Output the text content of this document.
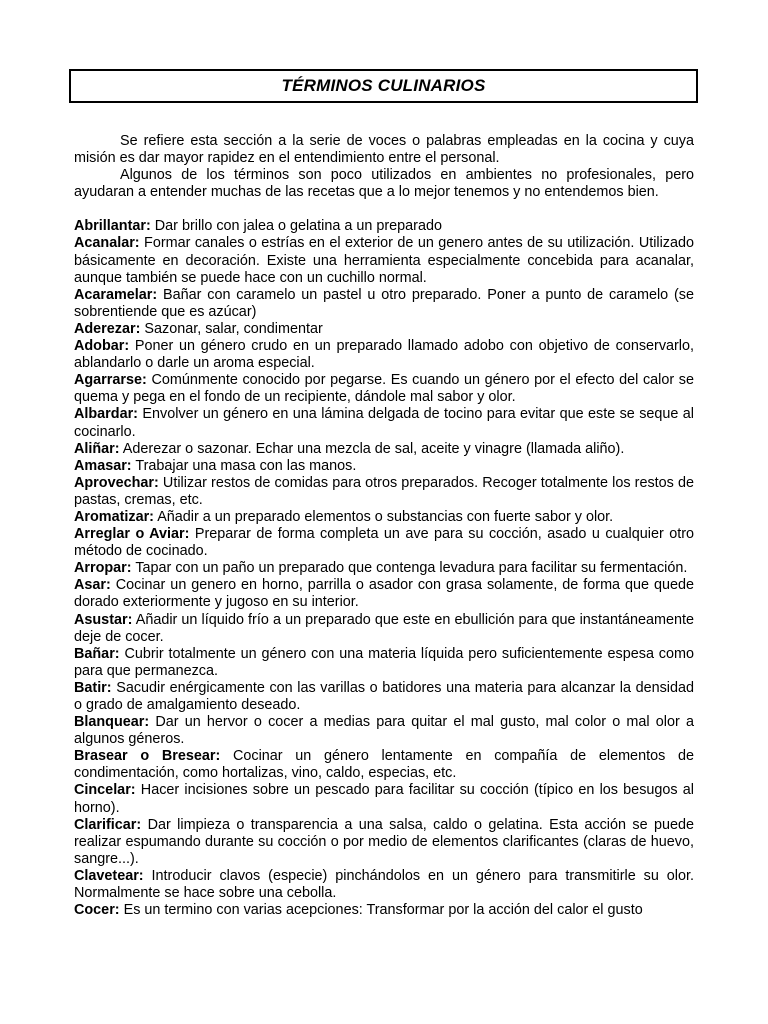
TÉRMINOS CULINARIOS

Se refiere esta sección a la serie de voces o palabras empleadas en la cocina y cuya misión es dar mayor rapidez en el entendimiento entre el personal.

Algunos de los términos son poco utilizados en ambientes no profesionales, pero ayudaran a entender muchas de las recetas que a lo mejor tenemos y no entendemos bien.

Abrillantar: Dar brillo con jalea o gelatina a un preparado

Acanalar: Formar canales o estrías en el exterior de un genero antes de su utilización. Utilizado básicamente en decoración. Existe una herramienta especialmente concebida para acanalar, aunque también se puede hace con un cuchillo normal.

Acaramelar: Bañar con caramelo un pastel u otro preparado. Poner a punto de caramelo (se sobrentiende que es azúcar)

Aderezar: Sazonar, salar, condimentar

Adobar: Poner un género crudo en un preparado llamado adobo con objetivo de conservarlo, ablandarlo o darle un aroma especial.

Agarrarse: Comúnmente conocido por pegarse. Es cuando un género por el efecto del calor se quema y pega en el fondo de un recipiente, dándole mal sabor y olor.

Albardar: Envolver un género en una lámina delgada de tocino para evitar que este se seque al cocinarlo.

Aliñar: Aderezar o sazonar. Echar una mezcla de sal, aceite y vinagre (llamada aliño).

Amasar: Trabajar una masa con las manos.

Aprovechar: Utilizar restos de comidas para otros preparados. Recoger totalmente los restos de pastas, cremas, etc.

Aromatizar: Añadir a un preparado elementos o substancias con fuerte sabor y olor.

Arreglar o Aviar: Preparar de forma completa un ave para su cocción, asado u cualquier otro método de cocinado.

Arropar: Tapar con un paño un preparado que contenga levadura para facilitar su fermentación.

Asar: Cocinar un genero en horno, parrilla o asador con grasa solamente, de forma que quede dorado exteriormente y jugoso en su interior.

Asustar: Añadir un líquido frío a un preparado que este en ebullición para que instantáneamente deje de cocer.

Bañar: Cubrir totalmente un género con una materia líquida pero suficientemente espesa como para que permanezca.

Batir: Sacudir enérgicamente con las varillas o batidores una materia para alcanzar la densidad o grado de amalgamiento deseado.

Blanquear: Dar un hervor o cocer a medias para quitar el mal gusto, mal color o mal olor a algunos géneros.

Brasear o Bresear: Cocinar un género lentamente en compañía de elementos de condimentación, como hortalizas, vino, caldo, especias, etc.

Cincelar: Hacer incisiones sobre un pescado para facilitar su cocción (típico en los besugos al horno).

Clarificar: Dar limpieza o transparencia a una salsa, caldo o gelatina. Esta acción se puede realizar espumando durante su cocción o por medio de elementos clarificantes (claras de huevo, sangre...).

Clavetear: Introducir clavos (especie) pinchándolos en un género para transmitirle su olor. Normalmente se hace sobre una cebolla.

Cocer: Es un termino con varias acepciones: Transformar por la acción del calor el gusto
